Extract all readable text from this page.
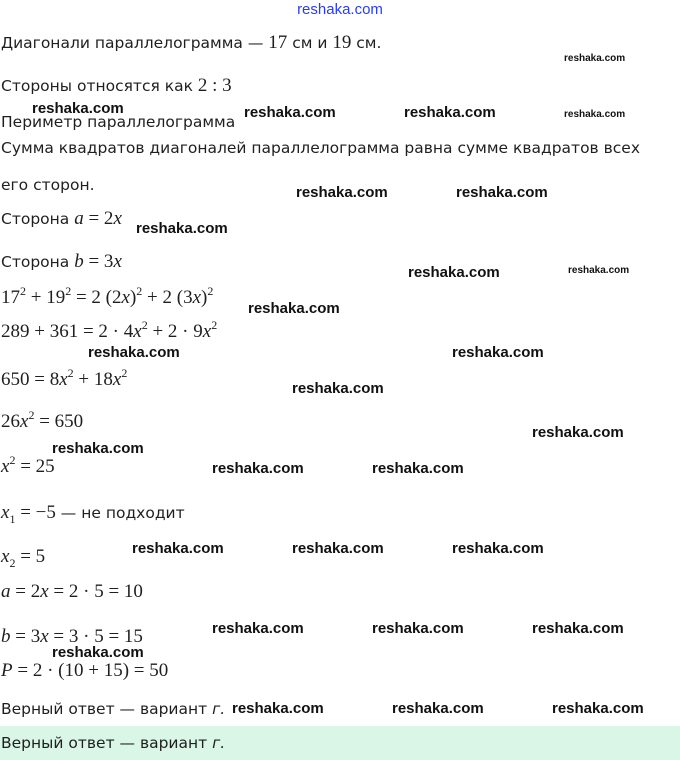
reshaka.com
Диагонали параллелограмма — 17 см и 19 см.
Стороны относятся как 2 : 3
Периметр параллелограмма
Сумма квадратов диагоналей параллелограмма равна сумме квадратов всех
его сторон.
Сторона a = 2x
Сторона b = 3x
$17^2 + 19^2 = 2$ $(2x)^2 + 2$ $(3x)^2$
$289 + 361 = 2 \cdot 4x^2 + 2 \cdot 9x^2$
$650 = 8x^2 + 18x^2$
$26x^2 = 650$
$x^2 = 25$
$x_1 = -5$ — не подходит
$x_2 = 5$
a = 2x = 2 · 5 = 10
b = 3x = 3 · 5 = 15
P = 2 · (10 + 15) = 50
Верный ответ — вариант г.
Верный ответ — вариант г.
reshaka.com
reshaka.com	reshaka.com	reshaka.com	reshaka.com
reshaka.com	reshaka.com
reshaka.com
reshaka.com	reshaka.com
reshaka.com
reshaka.com	reshaka.com
reshaka.com
reshaka.com
reshaka.com
reshaka.com	reshaka.com
reshaka.com	reshaka.com	reshaka.com
reshaka.com	reshaka.com	reshaka.com
reshaka.com
reshaka.com	reshaka.com	reshaka.com
